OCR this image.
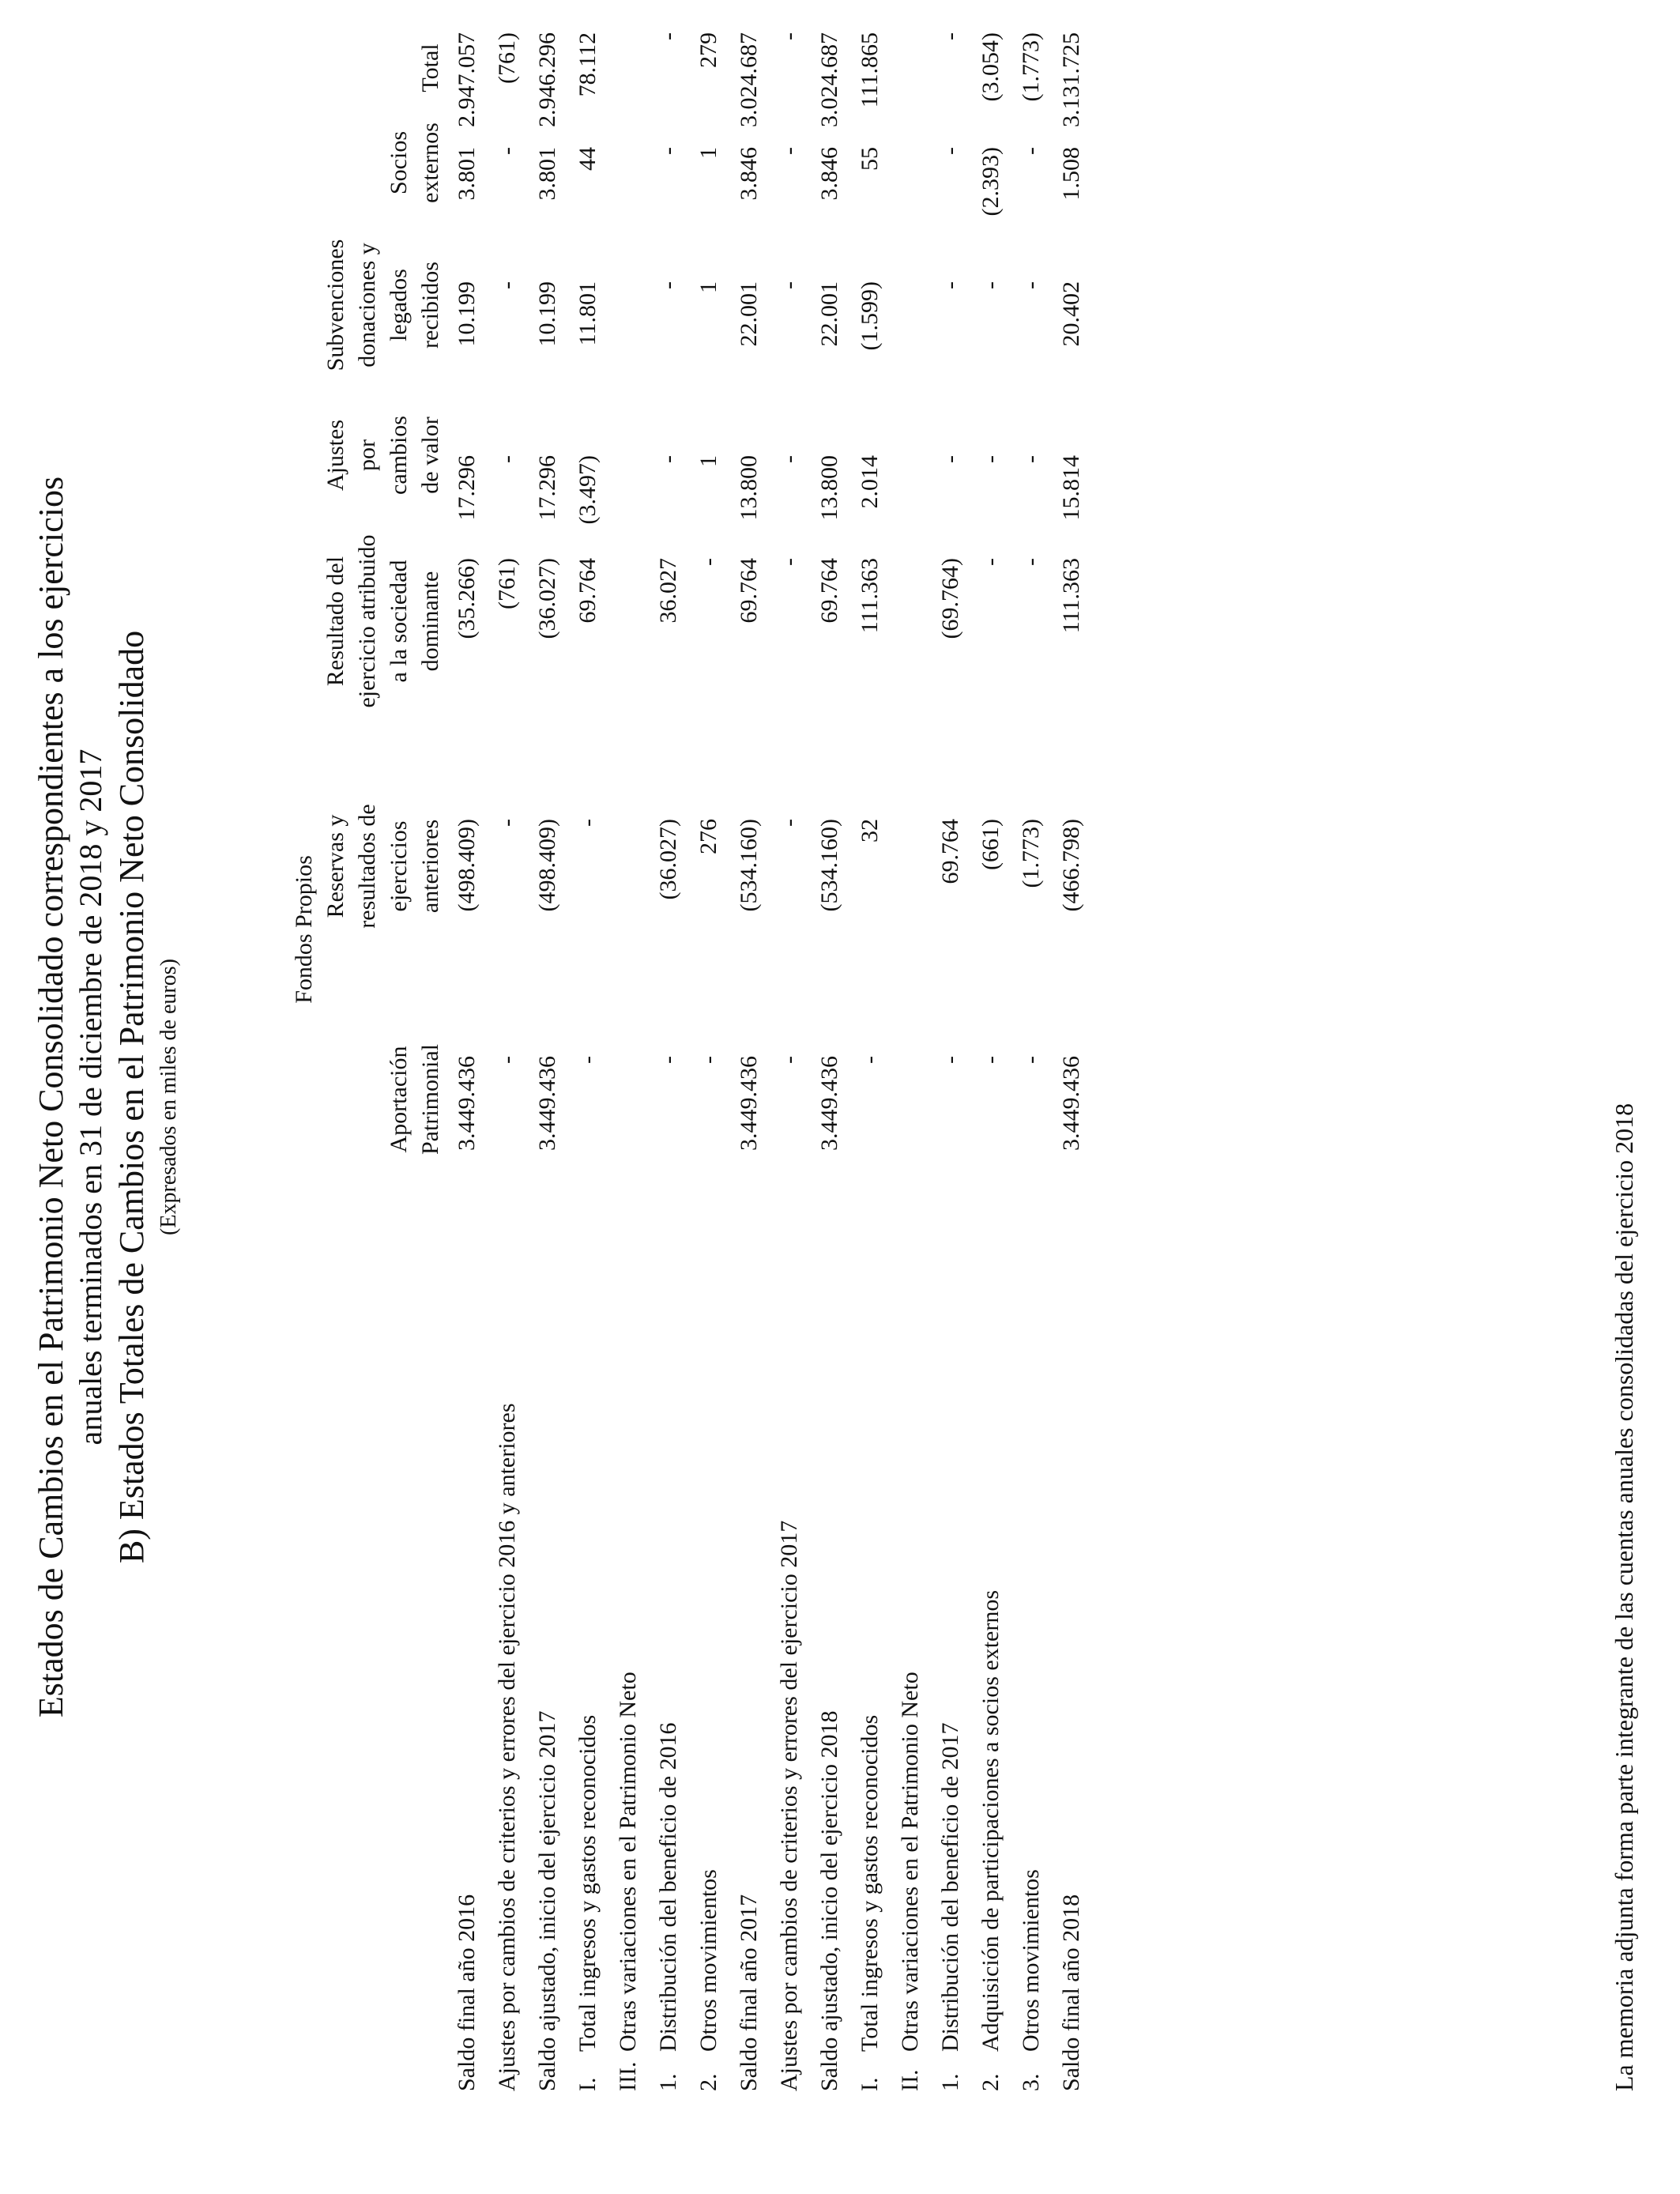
Estados de Cambios en el Patrimonio Neto Consolidado correspondientes a los ejercicios anuales terminados en 31 de diciembre de 2018 y 2017 B) Estados Totales de Cambios en el Patrimonio Neto Consolidado (Expresados en miles de euros)
Fondos Propios
Aportación
Patrimonial
Reservas y
resultados de
ejercicios
anteriores
Resultado del
ejercicio atribuido
a la sociedad
dominante
Ajustes
por
cambios
de valor
Subvenciones
donaciones y
legados
recibidos
Socios
externos
Total
Saldo final año 2016	3.449.436	(498.409)	(35.266)	17.296	10.199	3.801	2.947.057
Ajustes por cambios de criterios y errores del ejercicio 2016 y anteriores	-	-	(761)	-	-	-	(761)
Saldo ajustado, inicio del ejercicio 2017	3.449.436	(498.409)	(36.027)	17.296	10.199	3.801	2.946.296
I.Total ingresos y gastos reconocidos	-	-	69.764	(3.497)	11.801	44	78.112
III.Otras variaciones en el Patrimonio Neto							
1.Distribución del beneficio de 2016	-	(36.027)	36.027	-	-	-	-
2.Otros movimientos	-	276	-	1	1	1	279
Saldo final año 2017	3.449.436	(534.160)	69.764	13.800	22.001	3.846	3.024.687
Ajustes por cambios de criterios y errores del ejercicio 2017	-	-	-	-	-	-	-
Saldo ajustado, inicio del ejercicio 2018	3.449.436	(534.160)	69.764	13.800	22.001	3.846	3.024.687
I.Total ingresos y gastos reconocidos	-	32	111.363	2.014	(1.599)	55	111.865
II.Otras variaciones en el Patrimonio Neto							
1.Distribución del beneficio de 2017	-	69.764	(69.764)	-	-	-	-
2.Adquisición de participaciones a socios externos	-	(661)	-	-	-	(2.393)	(3.054)
3.Otros movimientos	-	(1.773)	-	-	-	-	(1.773)
Saldo final año 2018	3.449.436	(466.798)	111.363	15.814	20.402	1.508	3.131.725
La memoria adjunta forma parte integrante de las cuentas anuales consolidadas del ejercicio 2018
